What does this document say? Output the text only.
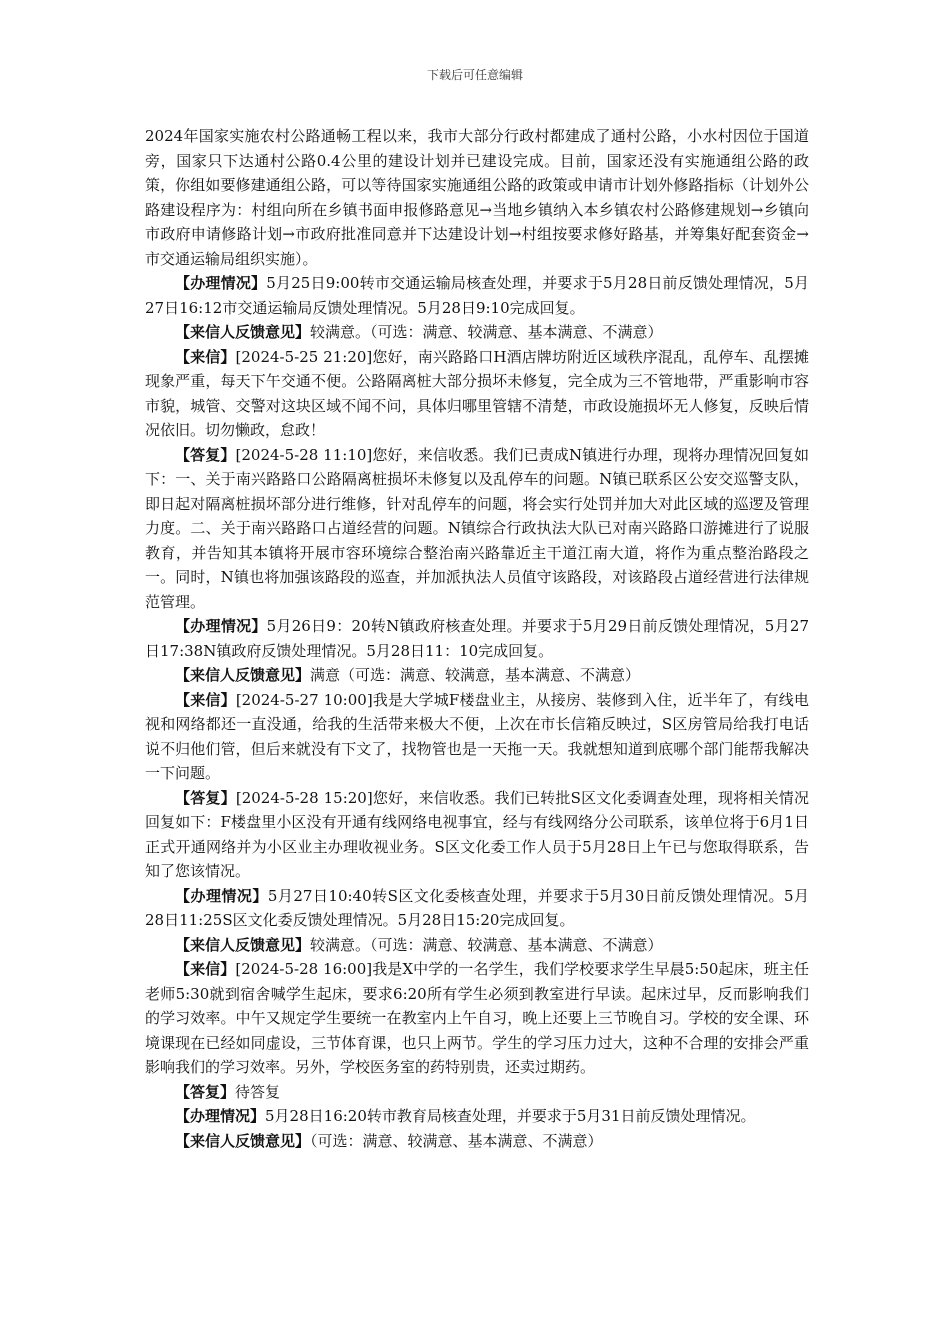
下载后可任意编辑

2024年国家实施农村公路通畅工程以来，我市大部分行政村都建成了通村公路，小水村因位于国道旁，国家只下达通村公路0.4公里的建设计划并已建设完成。目前，国家还没有实施通组公路的政策，你组如要修建通组公路，可以等待国家实施通组公路的政策或申请市计划外修路指标（计划外公路建设程序为：村组向所在乡镇书面申报修路意见→当地乡镇纳入本乡镇农村公路修建规划→乡镇向市政府申请修路计划→市政府批准同意并下达建设计划→村组按要求修好路基，并筹集好配套资金→市交通运输局组织实施）。

【办理情况】5月25日9:00转市交通运输局核查处理，并要求于5月28日前反馈处理情况，5月27日16:12市交通运输局反馈处理情况。5月28日9:10完成回复。

【来信人反馈意见】较满意。（可选：满意、较满意、基本满意、不满意）

【来信】[2024-5-25 21:20]您好，南兴路路口H酒店牌坊附近区域秩序混乱，乱停车、乱摆摊现象严重，每天下午交通不便。公路隔离桩大部分损坏未修复，完全成为三不管地带，严重影响市容市貌，城管、交警对这块区域不闻不问，具体归哪里管辖不清楚，市政设施损坏无人修复，反映后情况依旧。切勿懒政，怠政！

【答复】[2024-5-28 11:10]您好，来信收悉。我们已责成N镇进行办理，现将办理情况回复如下：一、关于南兴路路口公路隔离桩损坏未修复以及乱停车的问题。N镇已联系区公安交巡警支队，即日起对隔离桩损坏部分进行维修，针对乱停车的问题，将会实行处罚并加大对此区域的巡逻及管理力度。二、关于南兴路路口占道经营的问题。N镇综合行政执法大队已对南兴路路口游摊进行了说服教育，并告知其本镇将开展市容环境综合整治南兴路靠近主干道江南大道，将作为重点整治路段之一。同时，N镇也将加强该路段的巡查，并加派执法人员值守该路段，对该路段占道经营进行法律规范管理。

【办理情况】5月26日9：20转N镇政府核查处理。并要求于5月29日前反馈处理情况，5月27日17:38N镇政府反馈处理情况。5月28日11：10完成回复。

【来信人反馈意见】满意（可选：满意、较满意，基本满意、不满意）

【来信】[2024-5-27 10:00]我是大学城F楼盘业主，从接房、装修到入住，近半年了，有线电视和网络都还一直没通，给我的生活带来极大不便，上次在市长信箱反映过，S区房管局给我打电话说不归他们管，但后来就没有下文了，找物管也是一天拖一天。我就想知道到底哪个部门能帮我解决一下问题。

【答复】[2024-5-28 15:20]您好，来信收悉。我们已转批S区文化委调查处理，现将相关情况回复如下：F楼盘里小区没有开通有线网络电视事宜，经与有线网络分公司联系，该单位将于6月1日正式开通网络并为小区业主办理收视业务。S区文化委工作人员于5月28日上午已与您取得联系，告知了您该情况。

【办理情况】5月27日10:40转S区文化委核查处理，并要求于5月30日前反馈处理情况。5月28日11:25S区文化委反馈处理情况。5月28日15:20完成回复。

【来信人反馈意见】较满意。（可选：满意、较满意、基本满意、不满意）

【来信】[2024-5-28 16:00]我是X中学的一名学生，我们学校要求学生早晨5:50起床，班主任老师5:30就到宿舍喊学生起床，要求6:20所有学生必须到教室进行早读。起床过早，反而影响我们的学习效率。中午又规定学生要统一在教室内上午自习，晚上还要上三节晚自习。学校的安全课、环境课现在已经如同虚设，三节体育课，也只上两节。学生的学习压力过大，这种不合理的安排会严重影响我们的学习效率。另外，学校医务室的药特别贵，还卖过期药。

【答复】待答复

【办理情况】5月28日16:20转市教育局核查处理，并要求于5月31日前反馈处理情况。

【来信人反馈意见】（可选：满意、较满意、基本满意、不满意）
